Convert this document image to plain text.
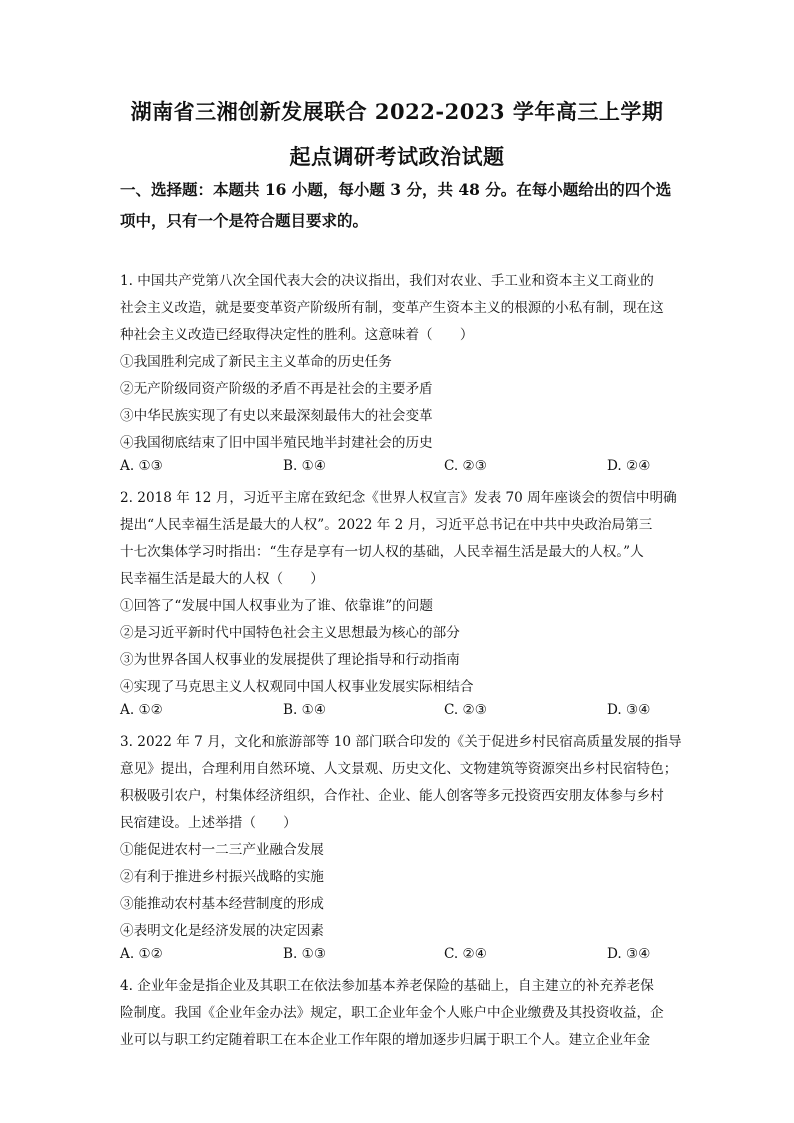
湖南省三湘创新发展联合 2022-2023 学年高三上学期
起点调研考试政治试题
一、选择题：本题共 16 小题，每小题 3 分，共 48 分。在每小题给出的四个选
项中，只有一个是符合题目要求的。
1. 中国共产党第八次全国代表大会的决议指出，我们对农业、手工业和资本主义工商业的
社会主义改造，就是要变革资产阶级所有制，变革产生资本主义的根源的小私有制，现在这
种社会主义改造已经取得决定性的胜利。这意味着（　　）
①我国胜利完成了新民主主义革命的历史任务
②无产阶级同资产阶级的矛盾不再是社会的主要矛盾
③中华民族实现了有史以来最深刻最伟大的社会变革
④我国彻底结束了旧中国半殖民地半封建社会的历史
A. ①③	B. ①④	C. ②③	D. ②④
2. 2018 年 12 月，习近平主席在致纪念《世界人权宣言》发表 70 周年座谈会的贺信中明确
提出“人民幸福生活是最大的人权”。2022 年 2 月，习近平总书记在中共中央政治局第三
十七次集体学习时指出：“生存是享有一切人权的基础，人民幸福生活是最大的人权。”人
民幸福生活是最大的人权（　　）
①回答了“发展中国人权事业为了谁、依靠谁”的问题
②是习近平新时代中国特色社会主义思想最为核心的部分
③为世界各国人权事业的发展提供了理论指导和行动指南
④实现了马克思主义人权观同中国人权事业发展实际相结合
A. ①②	B. ①④	C. ②③	D. ③④
3. 2022 年 7 月，文化和旅游部等 10 部门联合印发的《关于促进乡村民宿高质量发展的指导
意见》提出，合理利用自然环境、人文景观、历史文化、文物建筑等资源突出乡村民宿特色；
积极吸引农户，村集体经济组织，合作社、企业、能人创客等多元投资西安朋友体参与乡村
民宿建设。上述举措（　　）
①能促进农村一二三产业融合发展
②有利于推进乡村振兴战略的实施
③能推动农村基本经营制度的形成
④表明文化是经济发展的决定因素
A. ①②	B. ①③	C. ②④	D. ③④
4. 企业年金是指企业及其职工在依法参加基本养老保险的基础上，自主建立的补充养老保
险制度。我国《企业年金办法》规定，职工企业年金个人账户中企业缴费及其投资收益，企
业可以与职工约定随着职工在本企业工作年限的增加逐步归属于职工个人。建立企业年金
